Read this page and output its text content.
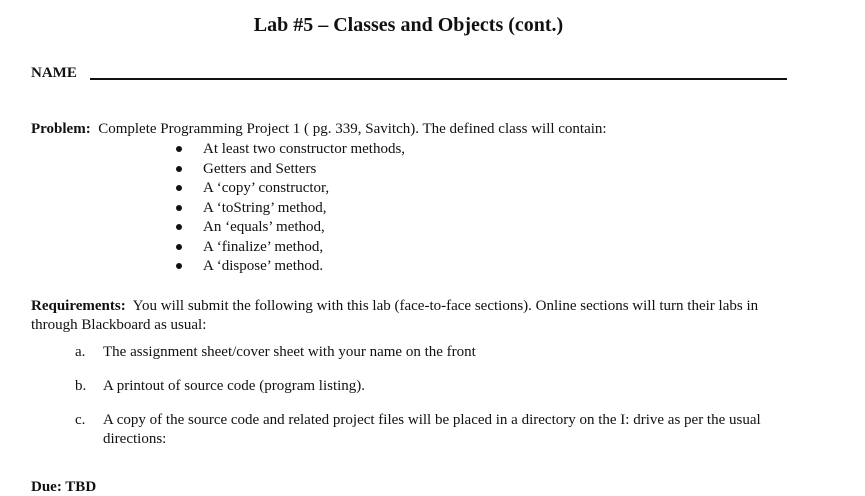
Lab #5 – Classes and Objects (cont.)
NAME
Problem: Complete Programming Project 1 ( pg. 339, Savitch). The defined class will contain:
At least two constructor methods,
Getters and Setters
A ‘copy’ constructor,
A ‘toString’ method,
An ‘equals’ method,
A ‘finalize’ method,
A ‘dispose’ method.
Requirements: You will submit the following with this lab (face-to-face sections). Online sections will turn their labs in through Blackboard as usual:
a. The assignment sheet/cover sheet with your name on the front
b. A printout of source code (program listing).
c. A copy of the source code and related project files will be placed in a directory on the I: drive as per the usual directions:
Due: TBD
